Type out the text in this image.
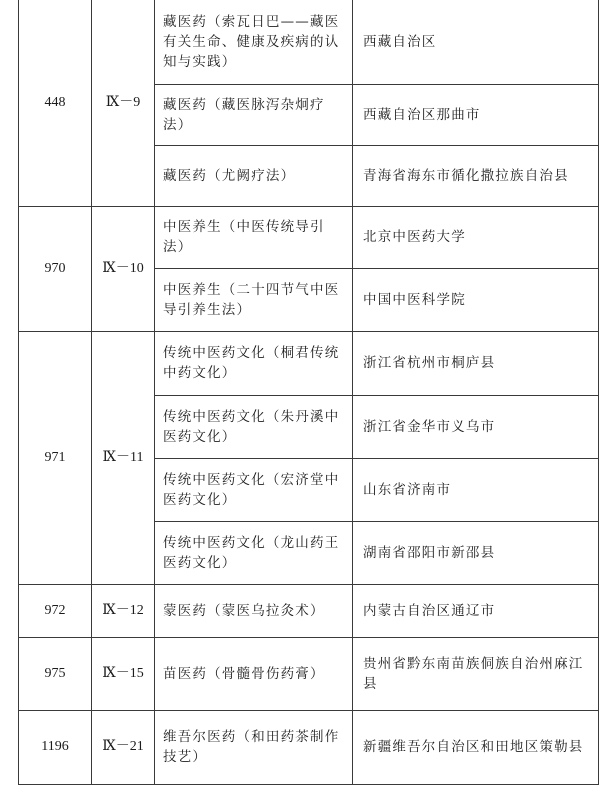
448	Ⅸ－9	藏医药（索瓦日巴——藏医有关生命、健康及疾病的认知与实践）	西藏自治区
		藏医药（藏医脉泻杂炯疗法）	西藏自治区那曲市
		藏医药（尤阙疗法）	青海省海东市循化撒拉族自治县
970	Ⅸ－10	中医养生（中医传统导引法）	北京中医药大学
		中医养生（二十四节气中医导引养生法）	中国中医科学院
971	Ⅸ－11	传统中医药文化（桐君传统中药文化）	浙江省杭州市桐庐县
		传统中医药文化（朱丹溪中医药文化）	浙江省金华市义乌市
		传统中医药文化（宏济堂中医药文化）	山东省济南市
		传统中医药文化（龙山药王医药文化）	湖南省邵阳市新邵县
972	Ⅸ－12	蒙医药（蒙医乌拉灸术）	内蒙古自治区通辽市
975	Ⅸ－15	苗医药（骨髓骨伤药膏）	贵州省黔东南苗族侗族自治州麻江县
1196	Ⅸ－21	维吾尔医药（和田药茶制作技艺）	新疆维吾尔自治区和田地区策勒县
